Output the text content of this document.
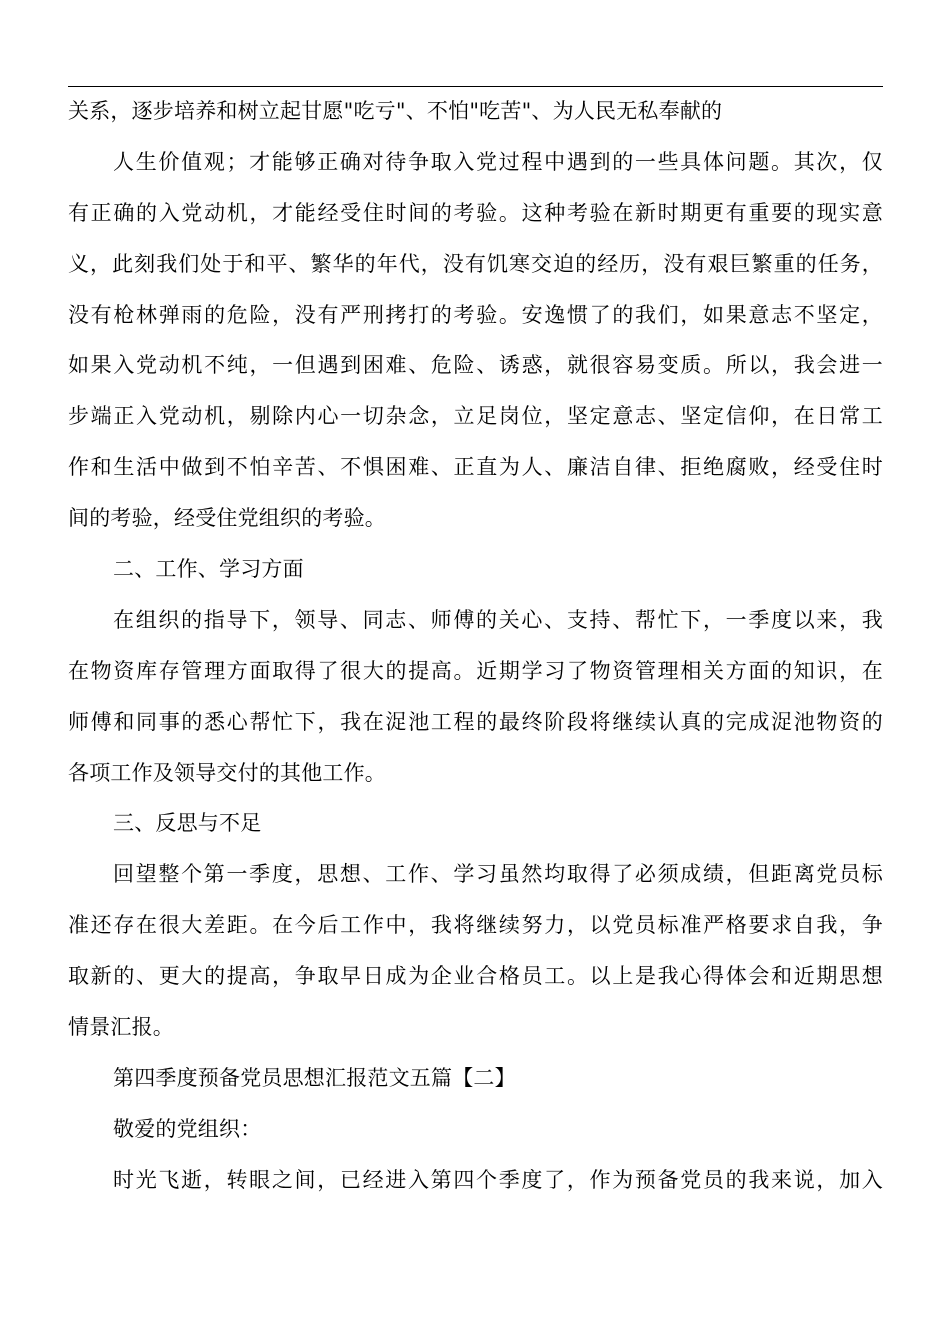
关系，逐步培养和树立起甘愿"吃亏"、不怕"吃苦"、为人民无私奉献的
人生价值观；才能够正确对待争取入党过程中遇到的一些具体问题。其次，仅
有正确的入党动机，才能经受住时间的考验。这种考验在新时期更有重要的现实意
义，此刻我们处于和平、繁华的年代，没有饥寒交迫的经历，没有艰巨繁重的任务，
没有枪林弹雨的危险，没有严刑拷打的考验。安逸惯了的我们，如果意志不坚定，
如果入党动机不纯，一但遇到困难、危险、诱惑，就很容易变质。所以，我会进一
步端正入党动机，剔除内心一切杂念，立足岗位，坚定意志、坚定信仰，在日常工
作和生活中做到不怕辛苦、不惧困难、正直为人、廉洁自律、拒绝腐败，经受住时
间的考验，经受住党组织的考验。
二、工作、学习方面
在组织的指导下，领导、同志、师傅的关心、支持、帮忙下，一季度以来，我
在物资库存管理方面取得了很大的提高。近期学习了物资管理相关方面的知识，在
师傅和同事的悉心帮忙下，我在浞池工程的最终阶段将继续认真的完成浞池物资的
各项工作及领导交付的其他工作。
三、反思与不足
回望整个第一季度，思想、工作、学习虽然均取得了必须成绩，但距离党员标
准还存在很大差距。在今后工作中，我将继续努力，以党员标准严格要求自我，争
取新的、更大的提高，争取早日成为企业合格员工。以上是我心得体会和近期思想
情景汇报。
第四季度预备党员思想汇报范文五篇【二】
敬爱的党组织：
时光飞逝，转眼之间，已经进入第四个季度了，作为预备党员的我来说，加入
